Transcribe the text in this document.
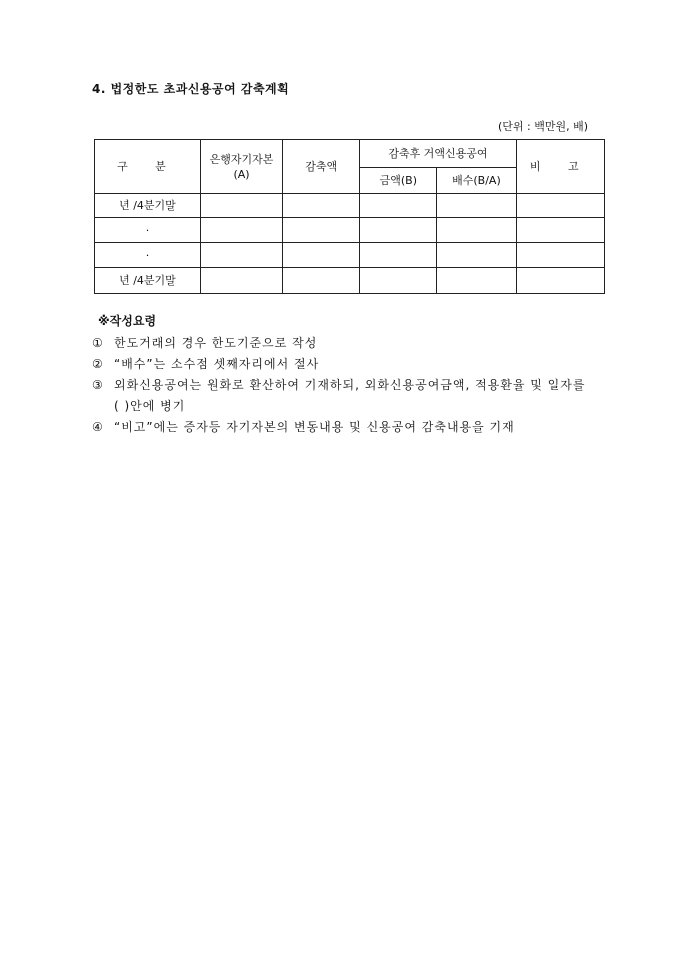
4. 법정한도 초과신용공여 감축계획
(단위 : 백만원, 배)
구 분	은행자기자본(A)	감축액	감축후 거액신용공여		비 고
			금액(B)	배수(B/A)	
년 /4분기말					
·					
·					
년 /4분기말					
※작성요령
① 한도거래의 경우 한도기준으로 작성
② “배수”는 소수점 셋째자리에서 절사
③ 외화신용공여는 원화로 환산하여 기재하되, 외화신용공여금액, 적용환율 및 일자를 ( )안에 병기
④ “비고”에는 증자등 자기자본의 변동내용 및 신용공여 감축내용을 기재
